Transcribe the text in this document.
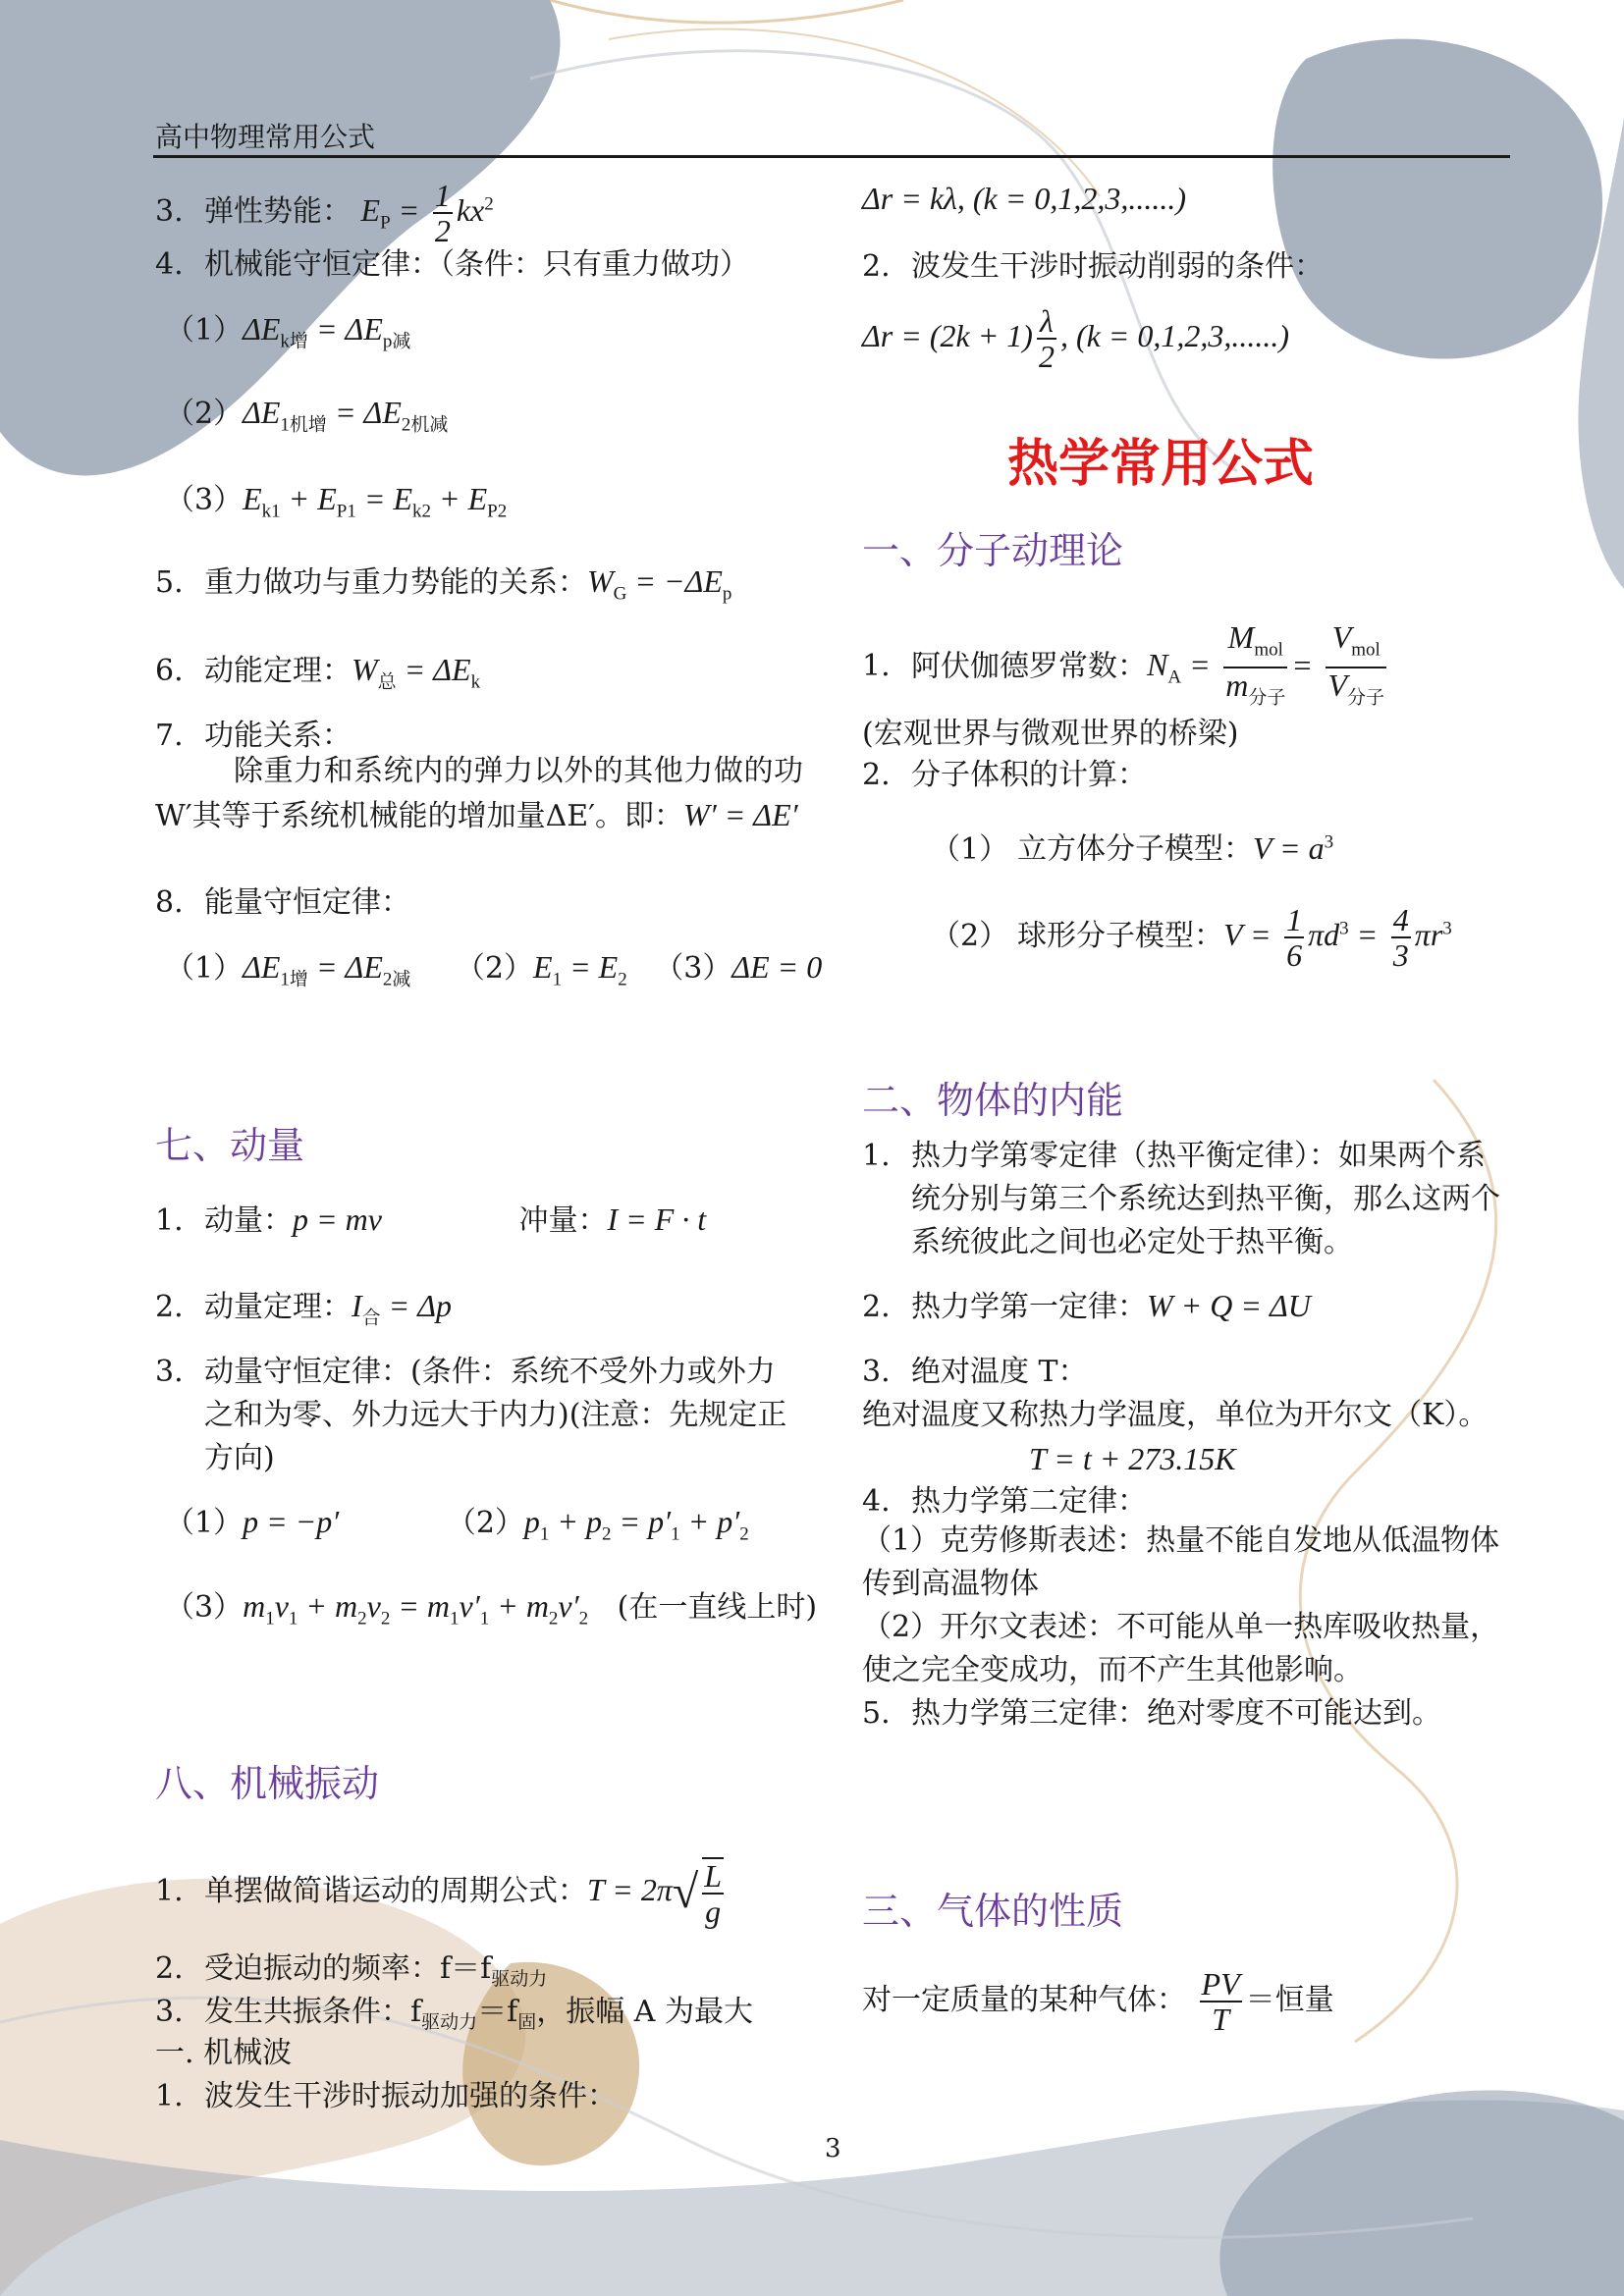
高中物理常用公式
3. 弹性势能： $E_P = \frac{1}{2} kx^2$
4. 机械能守恒定律：（条件：只有重力做功）
$(1)\Delta E_{k增} = \Delta E_{p减}$
$(2)\Delta E_{1机增} = \Delta E_{2机减}$
$(3)E_{k1} + E_{P1} = E_{k2} + E_{P2}$
5. 重力做功与重力势能的关系：$W_G = -\Delta E_p$
6. 动能定理：$W_总 = \Delta E_k$
7. 功能关系：
除重力和系统内的弹力以外的其他力做的功W′其等于系统机械能的增加量ΔE′。即：W′ = ΔE′
8. 能量守恒定律：
$(1)\Delta E_{1增} = \Delta E_{2减}$ $(2)E_1 = E_2$ （3）ΔE = 0
七、动量
1. 动量：p = mv	冲量：I = F · t
2. 动量定理：$I_合 = \Delta p$
3. 动量守恒定律：(条件：系统不受外力或外力之和为零、外力远大于内力)(注意：先规定正方向)
（1）p = −p′	$(2)p_1 + p_2 = p'_1 + p'_2$
$(3)m_1v_1 + m_2v_2 = m_1v'_1 + m_2v'_2$ (在一直线上时)
八、机械振动
1. 单摆做简谐运动的周期公式：$T = 2\pi√ \frac{L}{g}$
2. 受迫振动的频率：$f=f_{驱动力}$
3. 发生共振条件：$f_{驱动力}=f_固$，振幅 A 为最大
一. 机械波
1. 波发生干涉时振动加强的条件：
Δr = kλ, (k = 0,1,2,3,......)
2. 波发生干涉时振动削弱的条件：
$\Delta r = (2k + 1) \frac{\lambda}{2}$ , (k = 0,1,2,3,......)
热学常用公式
一、分子动理论
1. 阿伏伽德罗常数：$N_A = \frac{M_{mol}}{m_{分子}} = \frac{V_{mol}}{V_{分子}}$
(宏观世界与微观世界的桥梁)
2. 分子体积的计算：
（1） 立方体分子模型：$V = a^3$
（2） 球形分子模型：$V = \frac{1}{6} \pi d^3 = \frac{4}{3} \pi r^3$
二、物体的内能
1. 热力学第零定律（热平衡定律）：如果两个系统分别与第三个系统达到热平衡，那么这两个系统彼此之间也必定处于热平衡。
2. 热力学第一定律：W + Q = ΔU
3. 绝对温度 T：
绝对温度又称热力学温度，单位为开尔文（K）。
T = t + 273.15K
4. 热力学第二定律：
（1）克劳修斯表述：热量不能自发地从低温物体传到高温物体
（2）开尔文表述：不可能从单一热库吸收热量，使之完全变成功，而不产生其他影响。
5. 热力学第三定律：绝对零度不可能达到。
三、气体的性质
对一定质量的某种气体： $\frac{PV}{T}$ ＝恒量
3
